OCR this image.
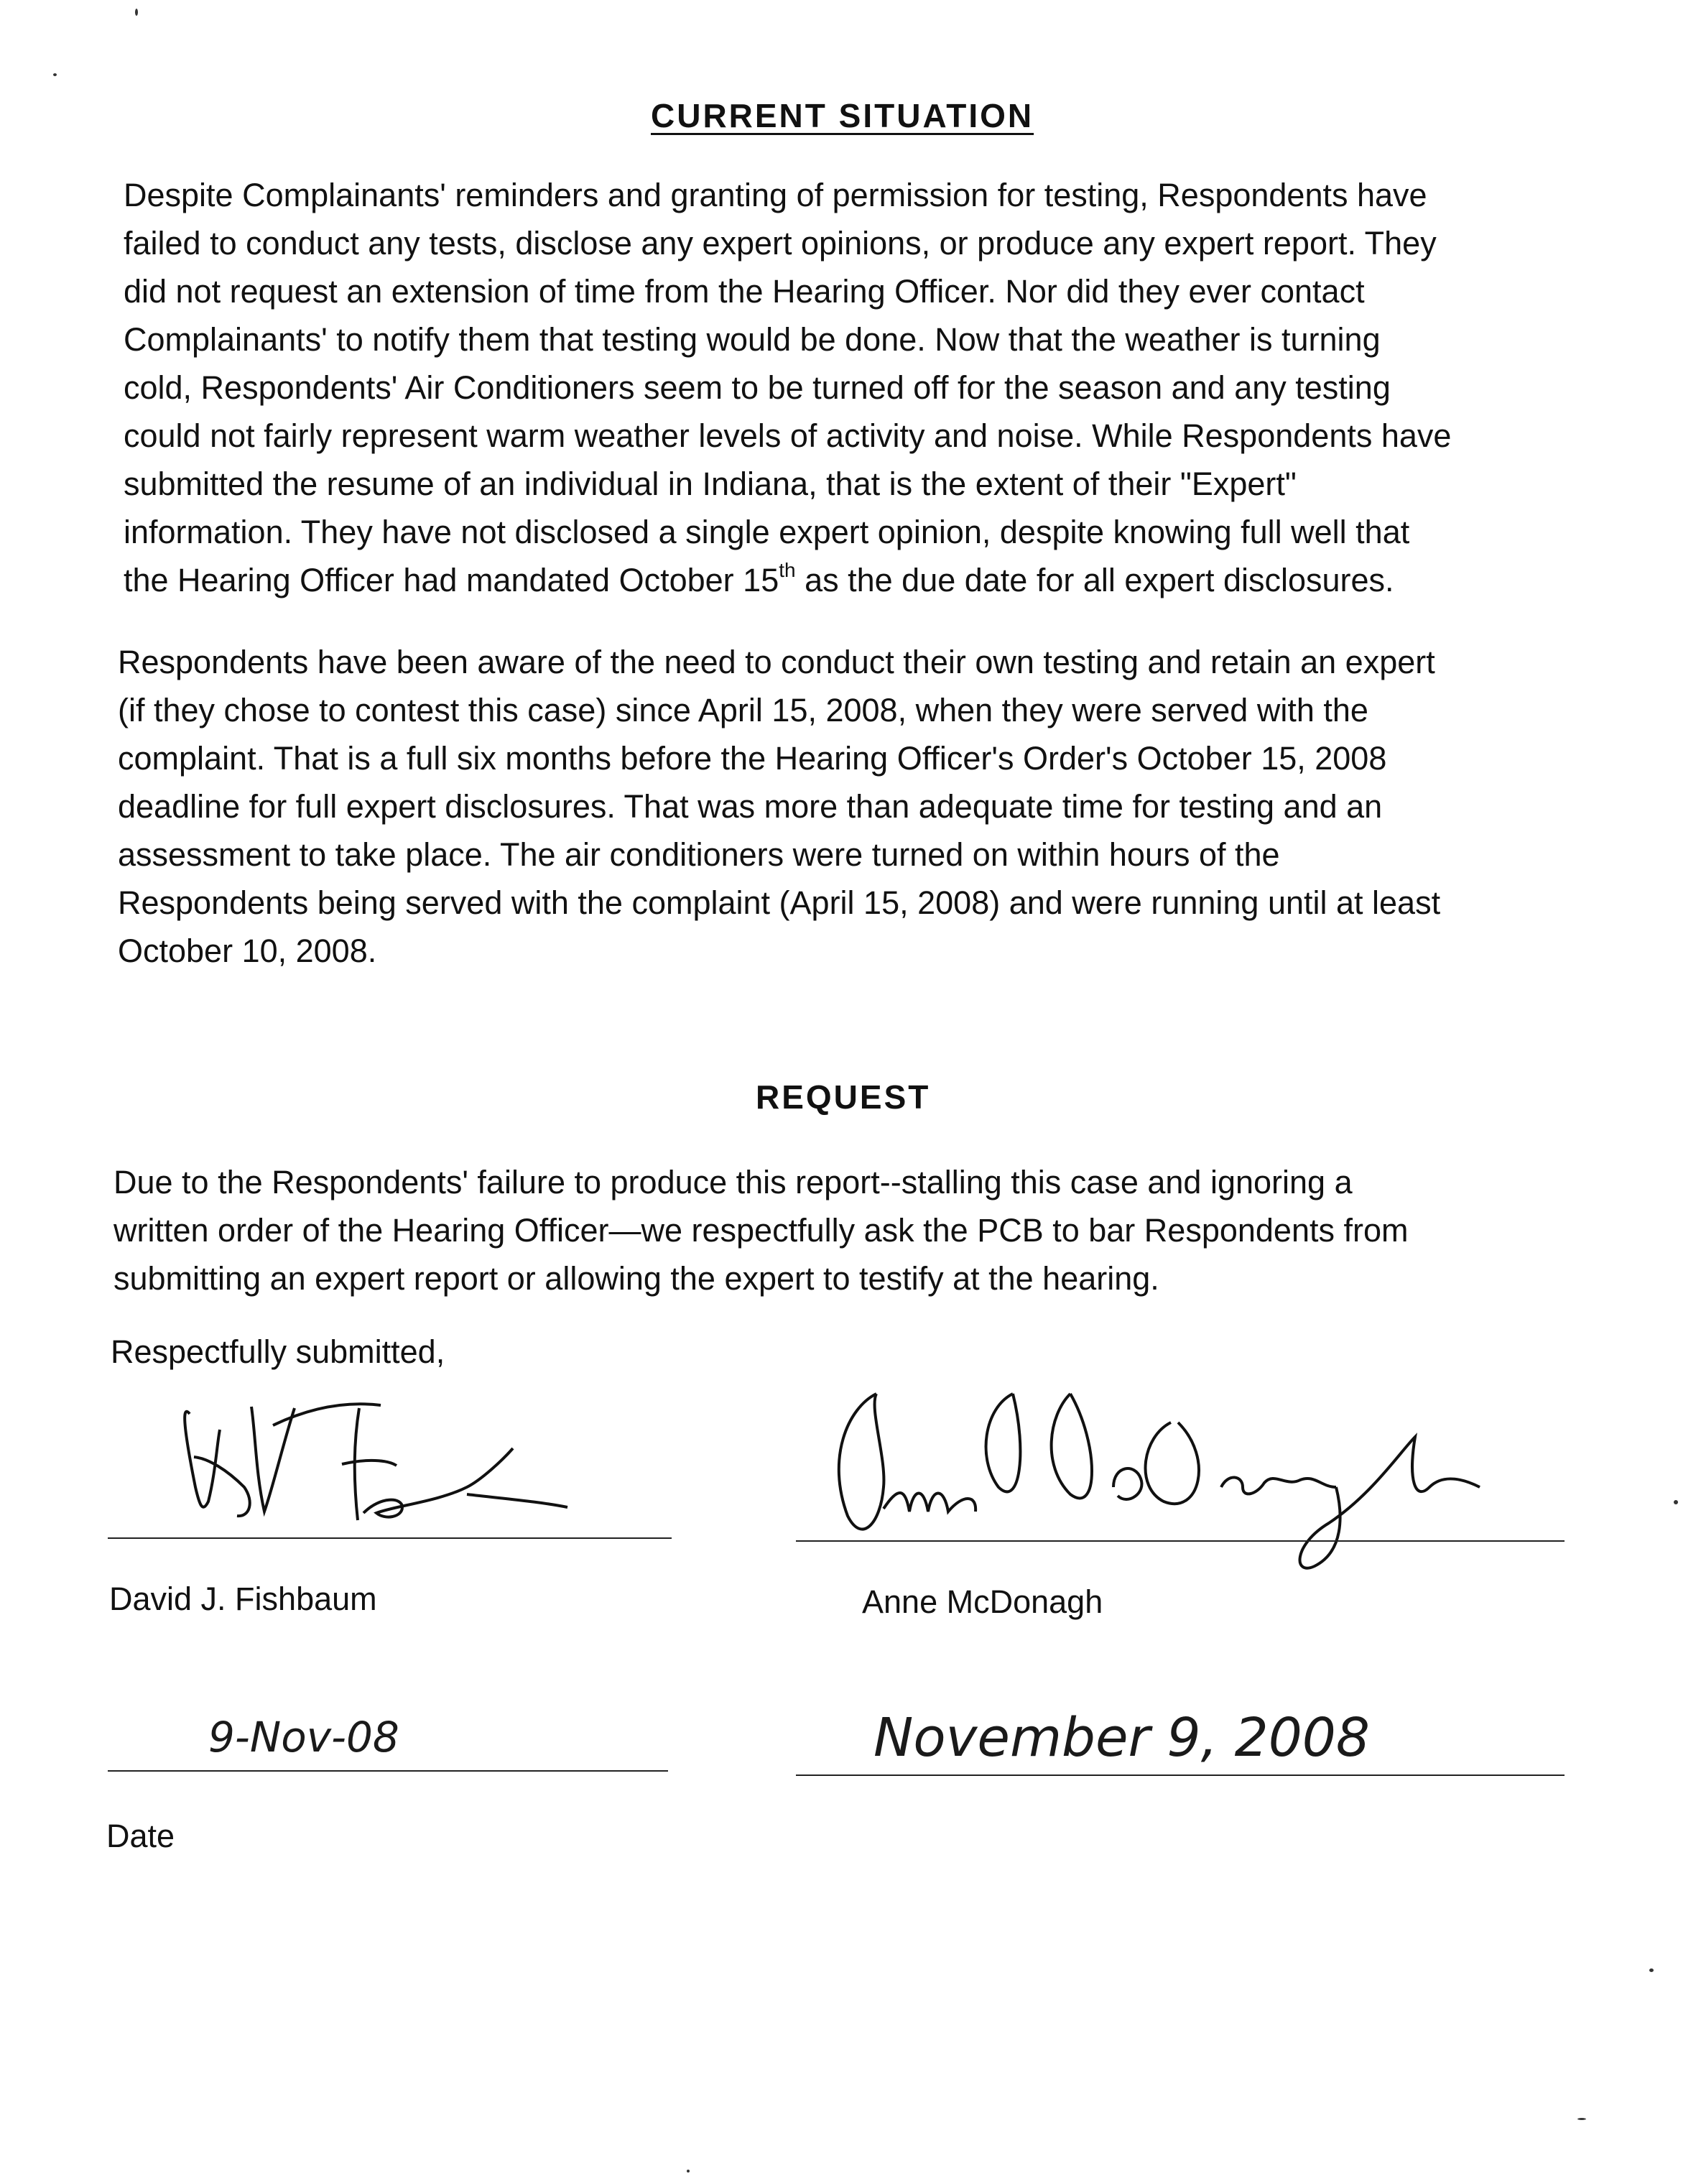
CURRENT SITUATION
Despite Complainants' reminders and granting of permission for testing, Respondents have
failed to conduct any tests, disclose any expert opinions, or produce any expert report. They
did not request an extension of time from the Hearing Officer. Nor did they ever contact
Complainants' to notify them that testing would be done. Now that the weather is turning
cold, Respondents' Air Conditioners seem to be turned off for the season and any testing
could not fairly represent warm weather levels of activity and noise. While Respondents have
submitted the resume of an individual in Indiana, that is the extent of their "Expert"
information. They have not disclosed a single expert opinion, despite knowing full well that
the Hearing Officer had mandated October 15th as the due date for all expert disclosures.
Respondents have been aware of the need to conduct their own testing and retain an expert
(if they chose to contest this case) since April 15, 2008, when they were served with the
complaint. That is a full six months before the Hearing Officer's Order's October 15, 2008
deadline for full expert disclosures. That was more than adequate time for testing and an
assessment to take place. The air conditioners were turned on within hours of the
Respondents being served with the complaint (April 15, 2008) and were running until at least
October 10, 2008.
REQUEST
Due to the Respondents' failure to produce this report--stalling this case and ignoring a
written order of the Hearing Officer—we respectfully ask the PCB to bar Respondents from
submitting an expert report or allowing the expert to testify at the hearing.
Respectfully submitted,
David J. Fishbaum	Anne McDonagh
9-Nov-08	November 9, 2008
Date
